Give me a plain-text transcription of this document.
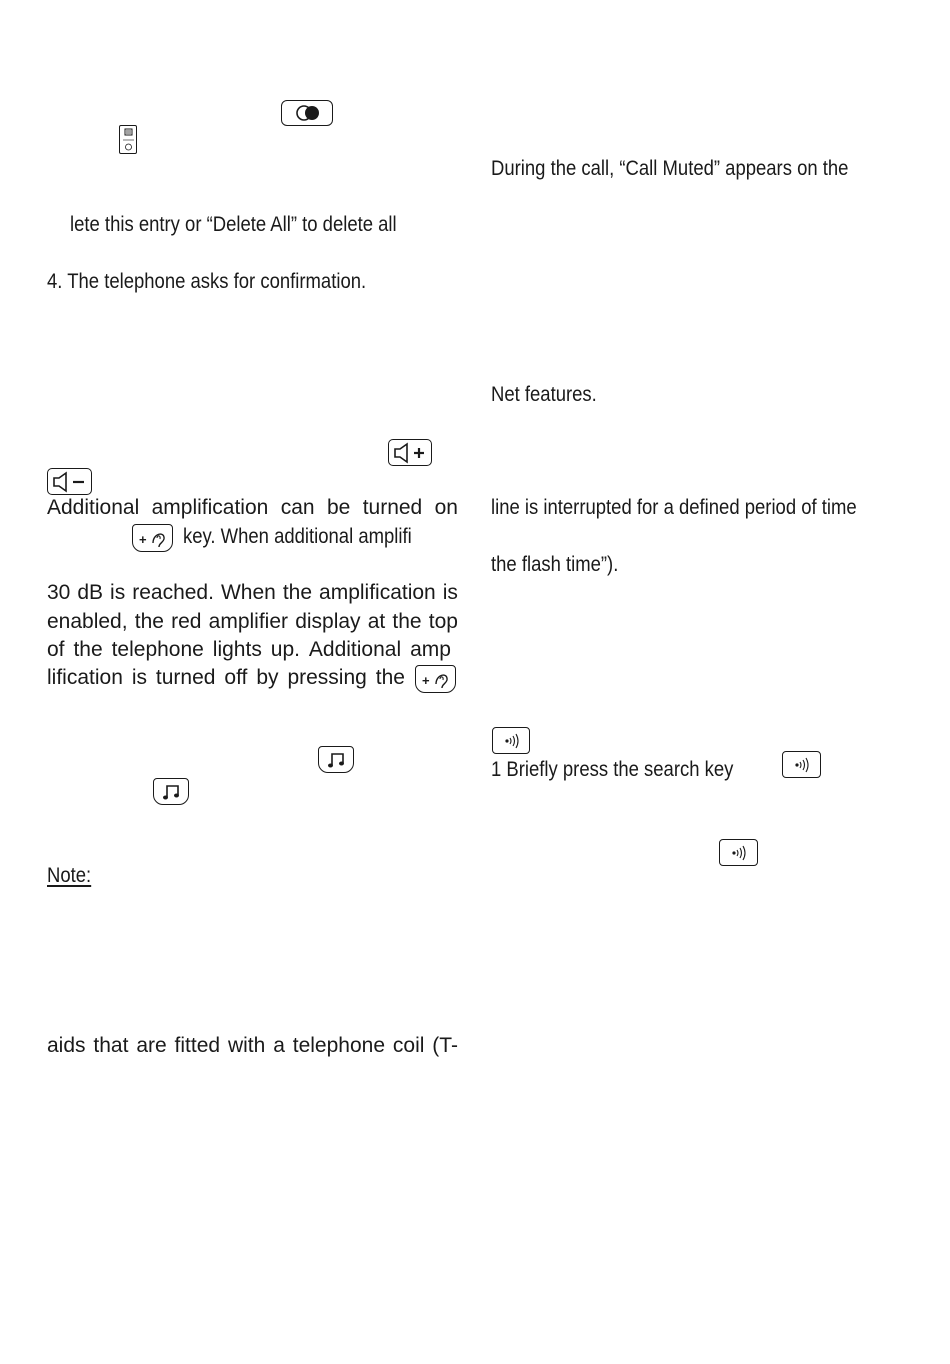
lete this entry or “Delete All” to delete all
4. The telephone asks for confirmation.
Additional amplification can be turned on
+ key. When additional amplifi
30 dB is reached. When the amplification is
enabled, the red amplifier display at the top
of the telephone lights up. Additional amp
lification is turned off by pressing the +
Note:
aids that are fitted with a telephone coil (T-
During the call, “Call Muted” appears on the
Net features.
line is interrupted for a defined period of time
the flash time”).
1 Briefly press the search key
